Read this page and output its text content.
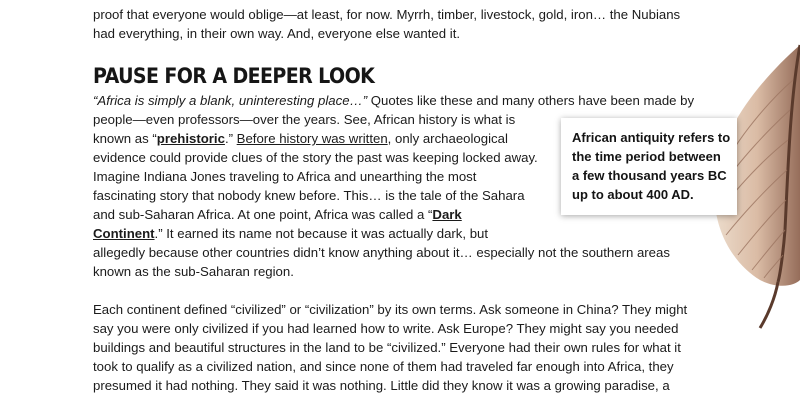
proof that everyone would oblige—at least, for now. Myrrh, timber, livestock, gold, iron… the Nubians
had everything, in their own way. And, everyone else wanted it.
PAUSE FOR A DEEPER LOOK
“Africa is simply a blank, uninteresting place…” Quotes like these and many others have been made by
people—even professors—over the years. See, African history is what is
known as “prehistoric.” Before history was written, only archaeological
evidence could provide clues of the story the past was keeping locked away.
Imagine Indiana Jones traveling to Africa and unearthing the most
fascinating story that nobody knew before. This… is the tale of the Sahara
and sub-Saharan Africa. At one point, Africa was called a “Dark
Continent.” It earned its name not because it was actually dark, but
allegedly because other countries didn’t know anything about it… especially not the southern areas
known as the sub-Saharan region.
Each continent defined “civilized” or “civilization” by its own terms. Ask someone in China? They might
say you were only civilized if you had learned how to write. Ask Europe? They might say you needed
buildings and beautiful structures in the land to be “civilized.” Everyone had their own rules for what it
took to qualify as a civilized nation, and since none of them had traveled far enough into Africa, they
presumed it had nothing. They said it was nothing. Little did they know it was a growing paradise, a
African antiquity refers to
the time period between
a few thousand years BC
up to about 400 AD.
